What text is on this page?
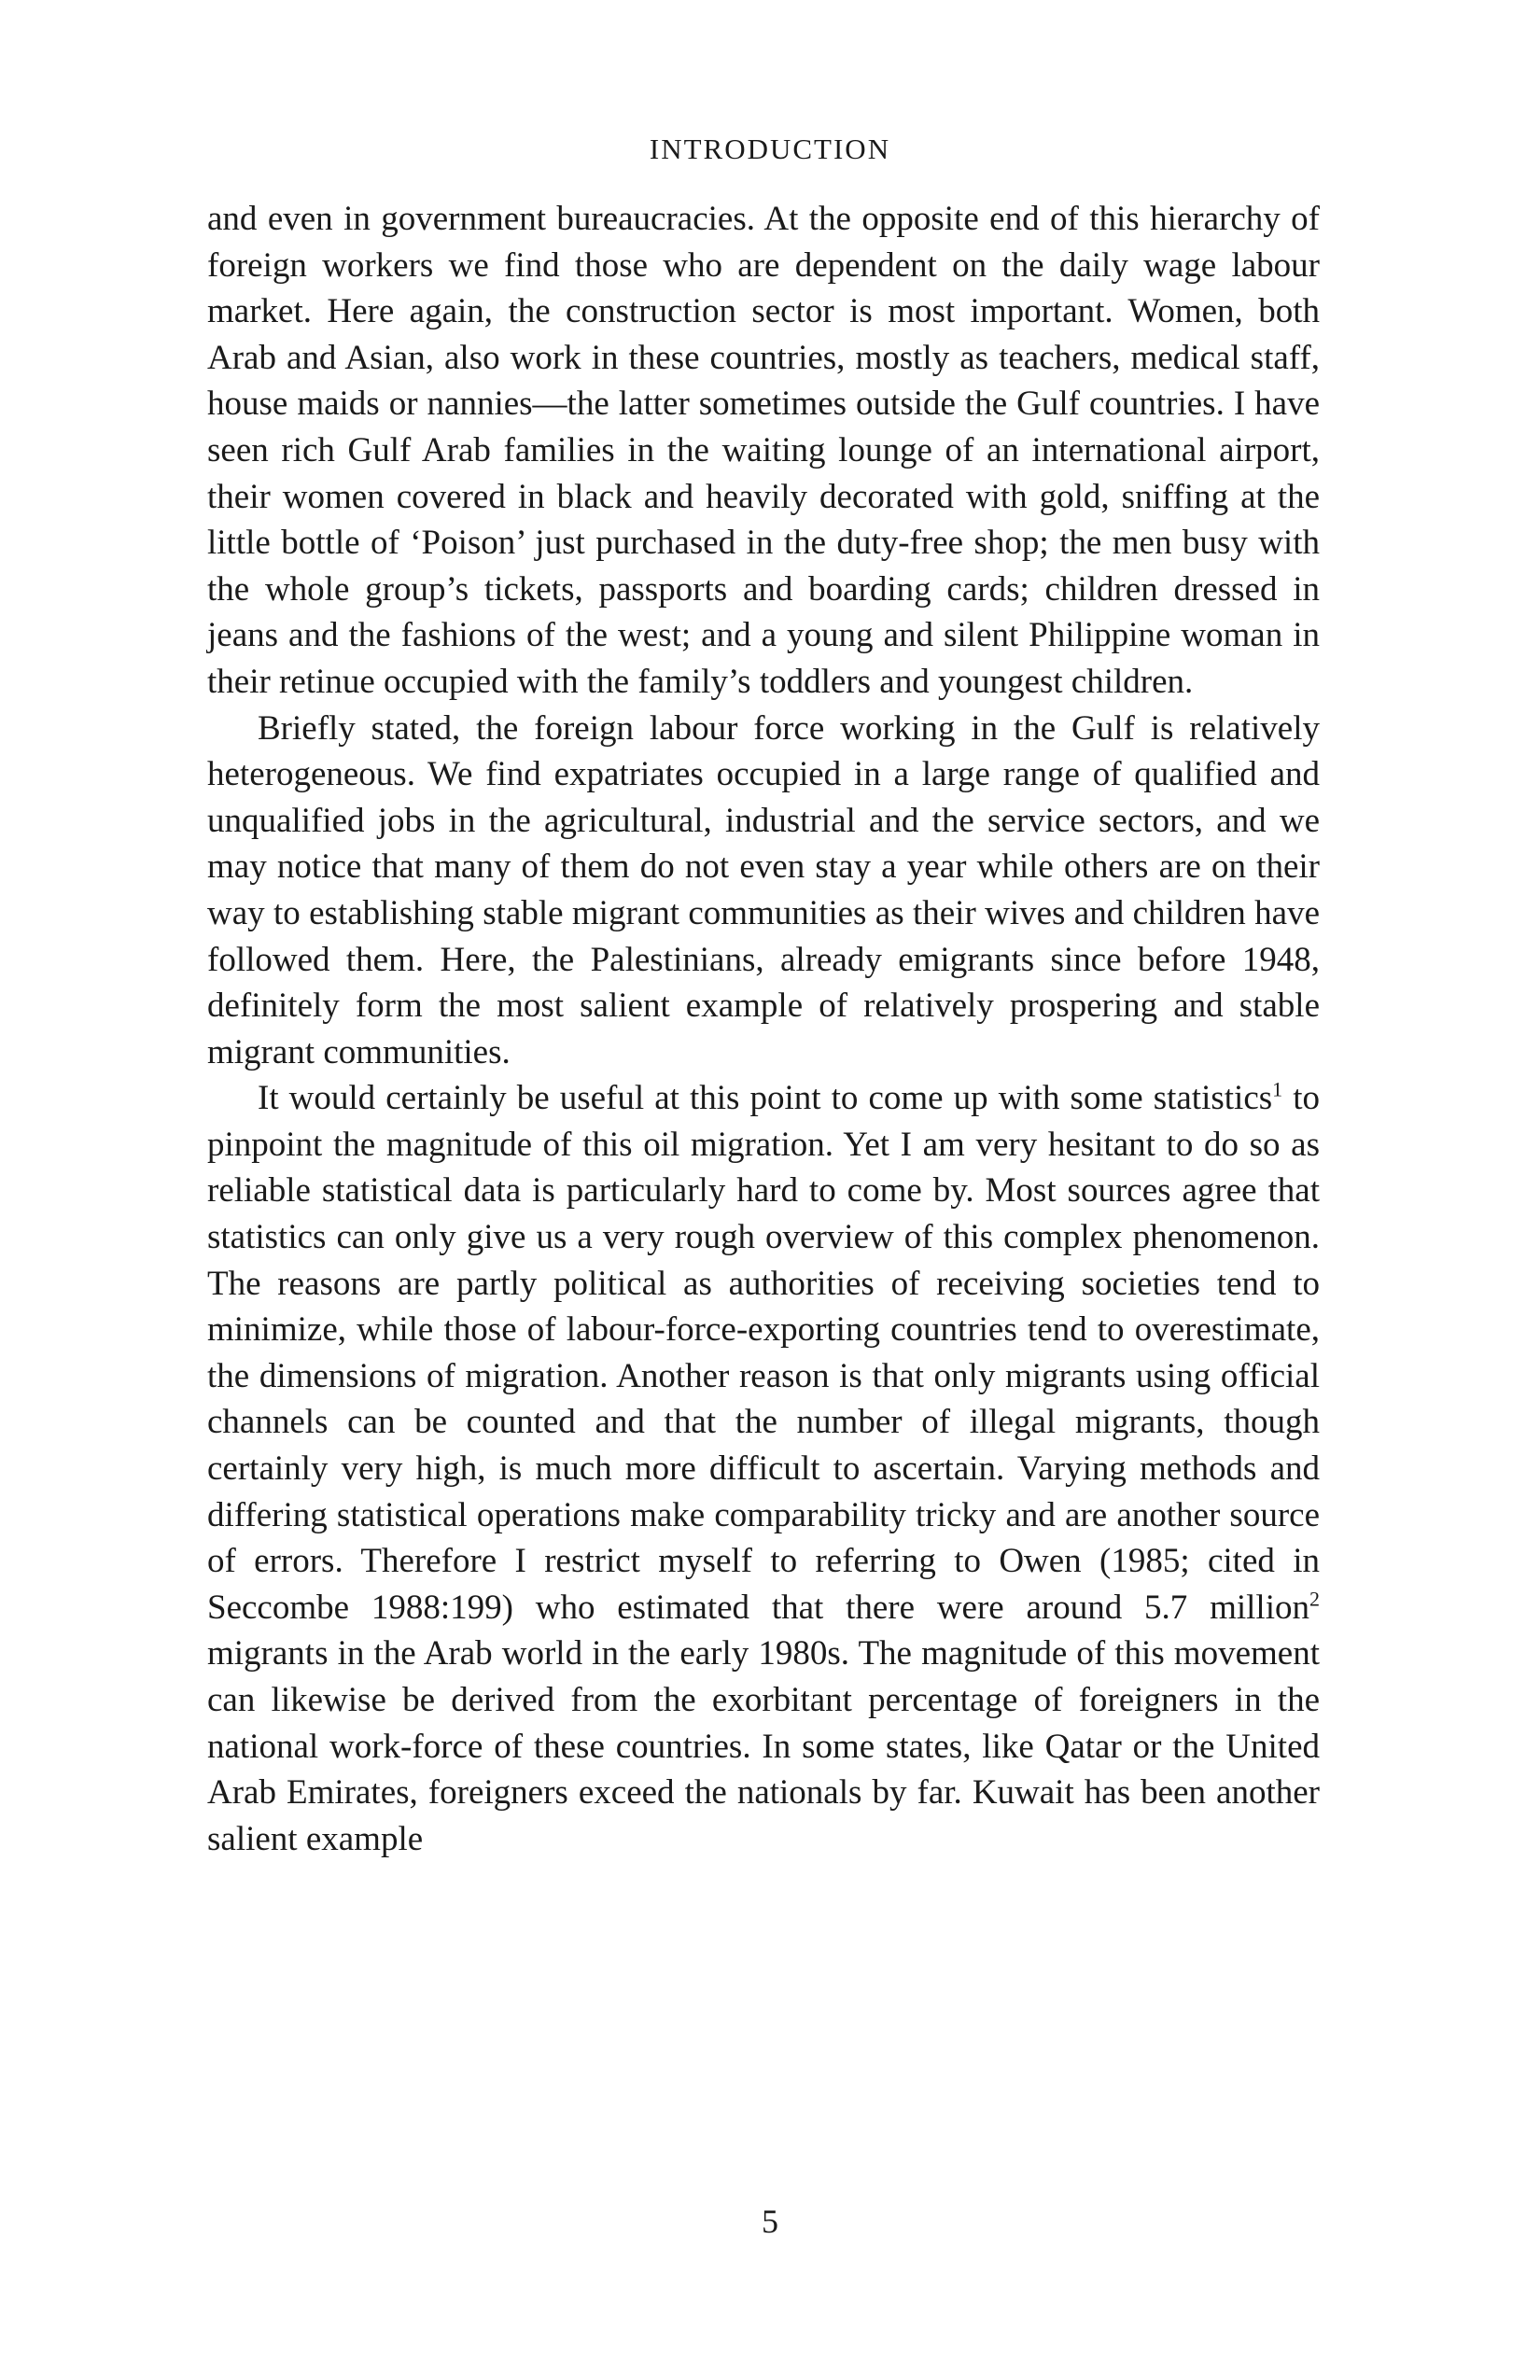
INTRODUCTION

and even in government bureaucracies. At the opposite end of this hierarchy of foreign workers we find those who are dependent on the daily wage labour market. Here again, the construction sector is most important. Women, both Arab and Asian, also work in these countries, mostly as teachers, medical staff, house maids or nannies—the latter sometimes outside the Gulf countries. I have seen rich Gulf Arab families in the waiting lounge of an international airport, their women covered in black and heavily decorated with gold, sniffing at the little bottle of ‘Poison’ just purchased in the duty-free shop; the men busy with the whole group’s tickets, passports and boarding cards; children dressed in jeans and the fashions of the west; and a young and silent Philippine woman in their retinue occupied with the family’s toddlers and youngest children.

Briefly stated, the foreign labour force working in the Gulf is relatively heterogeneous. We find expatriates occupied in a large range of qualified and unqualified jobs in the agricultural, industrial and the service sectors, and we may notice that many of them do not even stay a year while others are on their way to establishing stable migrant communities as their wives and children have followed them. Here, the Palestinians, already emigrants since before 1948, definitely form the most salient example of relatively prospering and stable migrant communities.

It would certainly be useful at this point to come up with some statistics$^1$ to pinpoint the magnitude of this oil migration. Yet I am very hesitant to do so as reliable statistical data is particularly hard to come by. Most sources agree that statistics can only give us a very rough overview of this complex phenomenon. The reasons are partly political as authorities of receiving societies tend to minimize, while those of labour-force-exporting countries tend to overestimate, the dimensions of migration. Another reason is that only migrants using official channels can be counted and that the number of illegal migrants, though certainly very high, is much more difficult to ascertain. Varying methods and differing statistical operations make comparability tricky and are another source of errors. Therefore I restrict myself to referring to Owen (1985; cited in Seccombe 1988:199) who estimated that there were around 5.7 million$^2$ migrants in the Arab world in the early 1980s. The magnitude of this movement can likewise be derived from the exorbitant percentage of foreigners in the national work-force of these countries. In some states, like Qatar or the United Arab Emirates, foreigners exceed the nationals by far. Kuwait has been another salient example

5
